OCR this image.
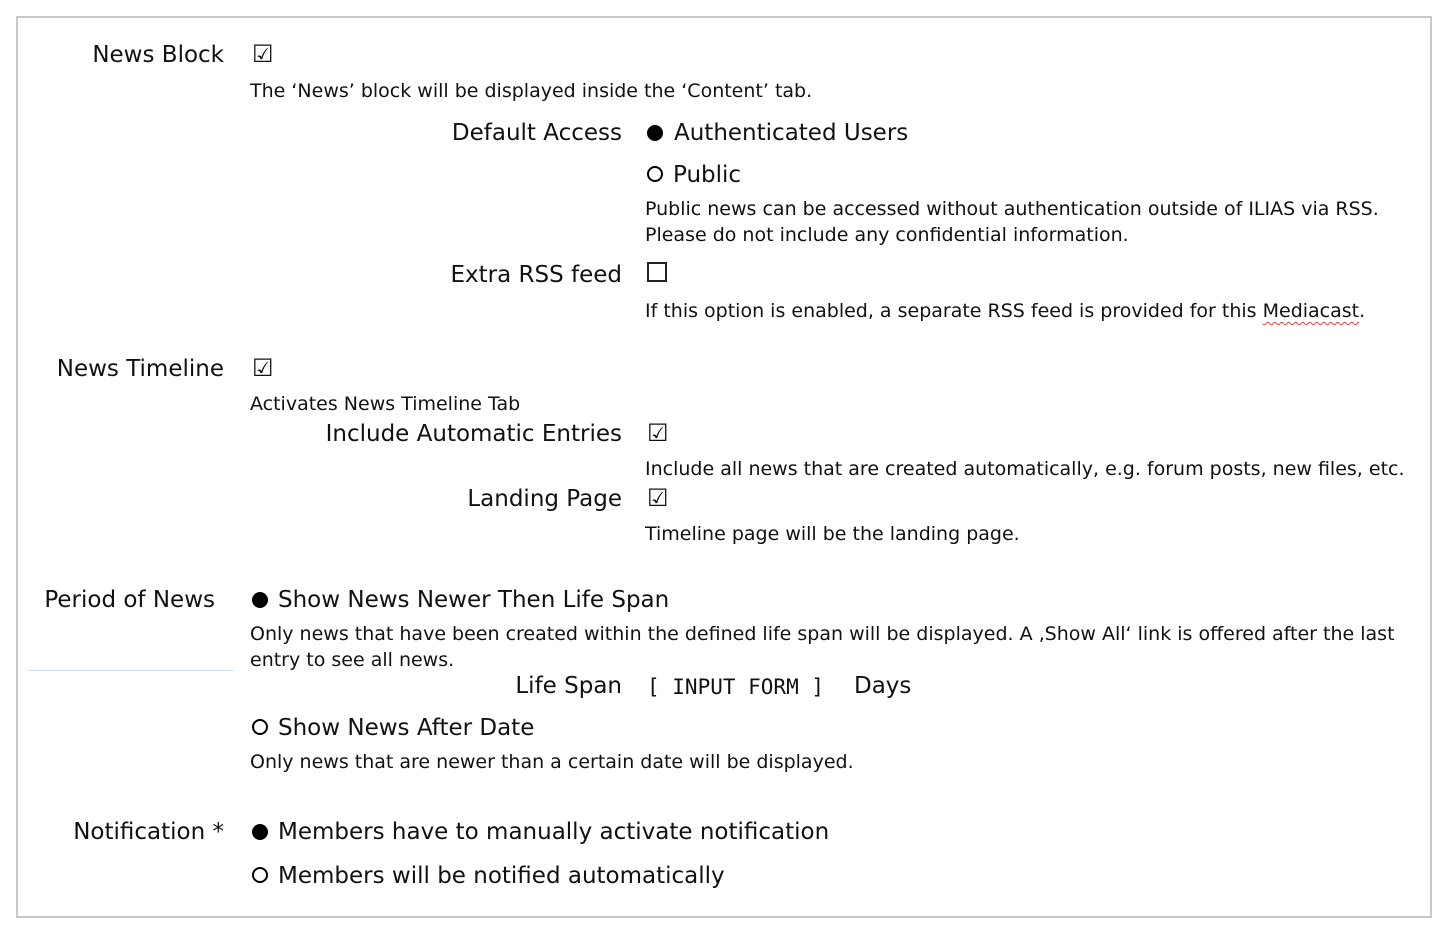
News Block ☑
The ‘News’ block will be displayed inside the ‘Content’ tab.
Default Access Authenticated Users
Public
Public news can be accessed without authentication outside of ILIAS via RSS.
Please do not include any confidential information.
Extra RSS feed
If this option is enabled, a separate RSS feed is provided for this Mediacast.
News Timeline ☑
Activates News Timeline Tab
Include Automatic Entries ☑
Include all news that are created automatically, e.g. forum posts, new files, etc.
Landing Page ☑
Timeline page will be the landing page.
Period of News	Show News Newer Then Life Span
Only news that have been created within the defined life span will be displayed. A ‚Show All‘ link is offered after the last
entry to see all news.
Life Span [ INPUT FORM ] Days
Show News After Date
Only news that are newer than a certain date will be displayed.
Notification * Members have to manually activate notification
Members will be notified automatically
